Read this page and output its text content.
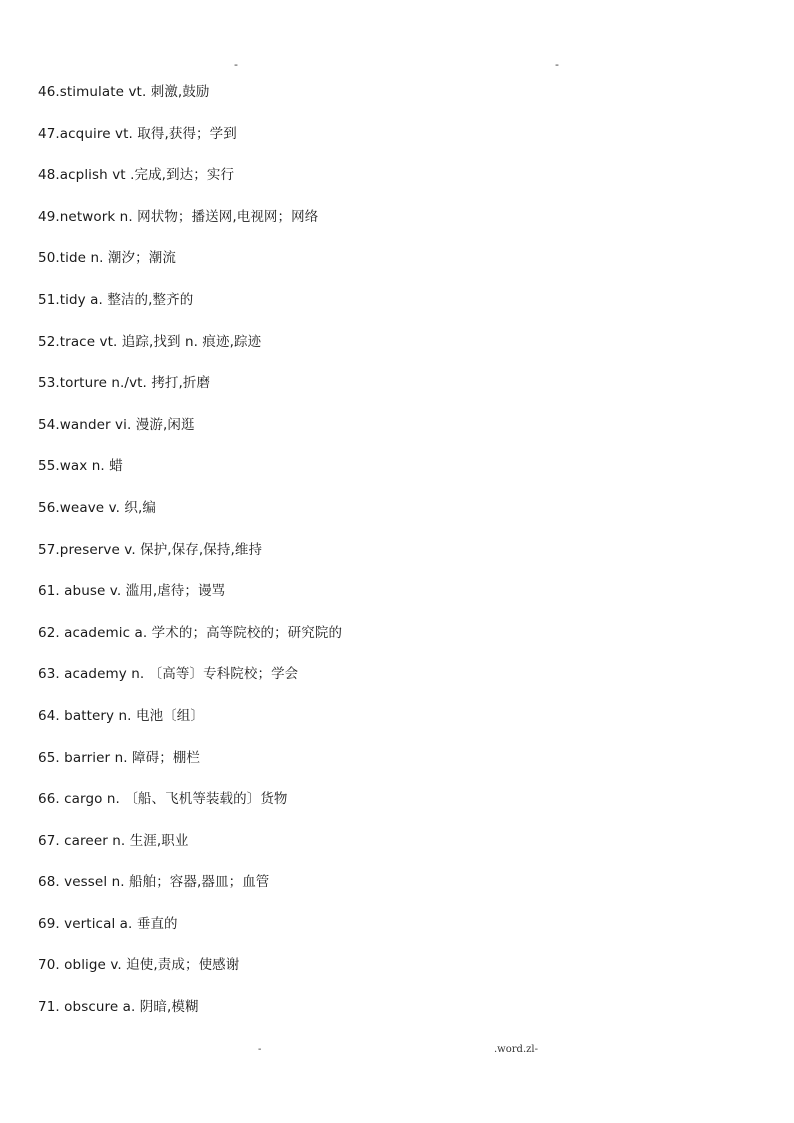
-	-
46.stimulate vt. 刺激,鼓励
47.acquire vt. 取得,获得；学到
48.acplish vt .完成,到达；实行
49.network n. 网状物；播送网,电视网；网络
50.tide n. 潮汐；潮流
51.tidy a. 整洁的,整齐的
52.trace vt. 追踪,找到 n. 痕迹,踪迹
53.torture n./vt. 拷打,折磨
54.wander vi. 漫游,闲逛
55.wax n. 蜡
56.weave v. 织,编
57.preserve v. 保护,保存,保持,维持
61. abuse v. 滥用,虐待；谩骂
62. academic a. 学术的；高等院校的；研究院的
63. academy n. 〔高等〕专科院校；学会
64. battery n. 电池〔组〕
65. barrier n. 障碍；棚栏
66. cargo n. 〔船、飞机等装载的〕货物
67. career n. 生涯,职业
68. vessel n. 船舶；容器,器皿；血管
69. vertical a. 垂直的
70. oblige v. 迫使,责成；使感谢
71. obscure a. 阴暗,模糊
-	.word.zl-
